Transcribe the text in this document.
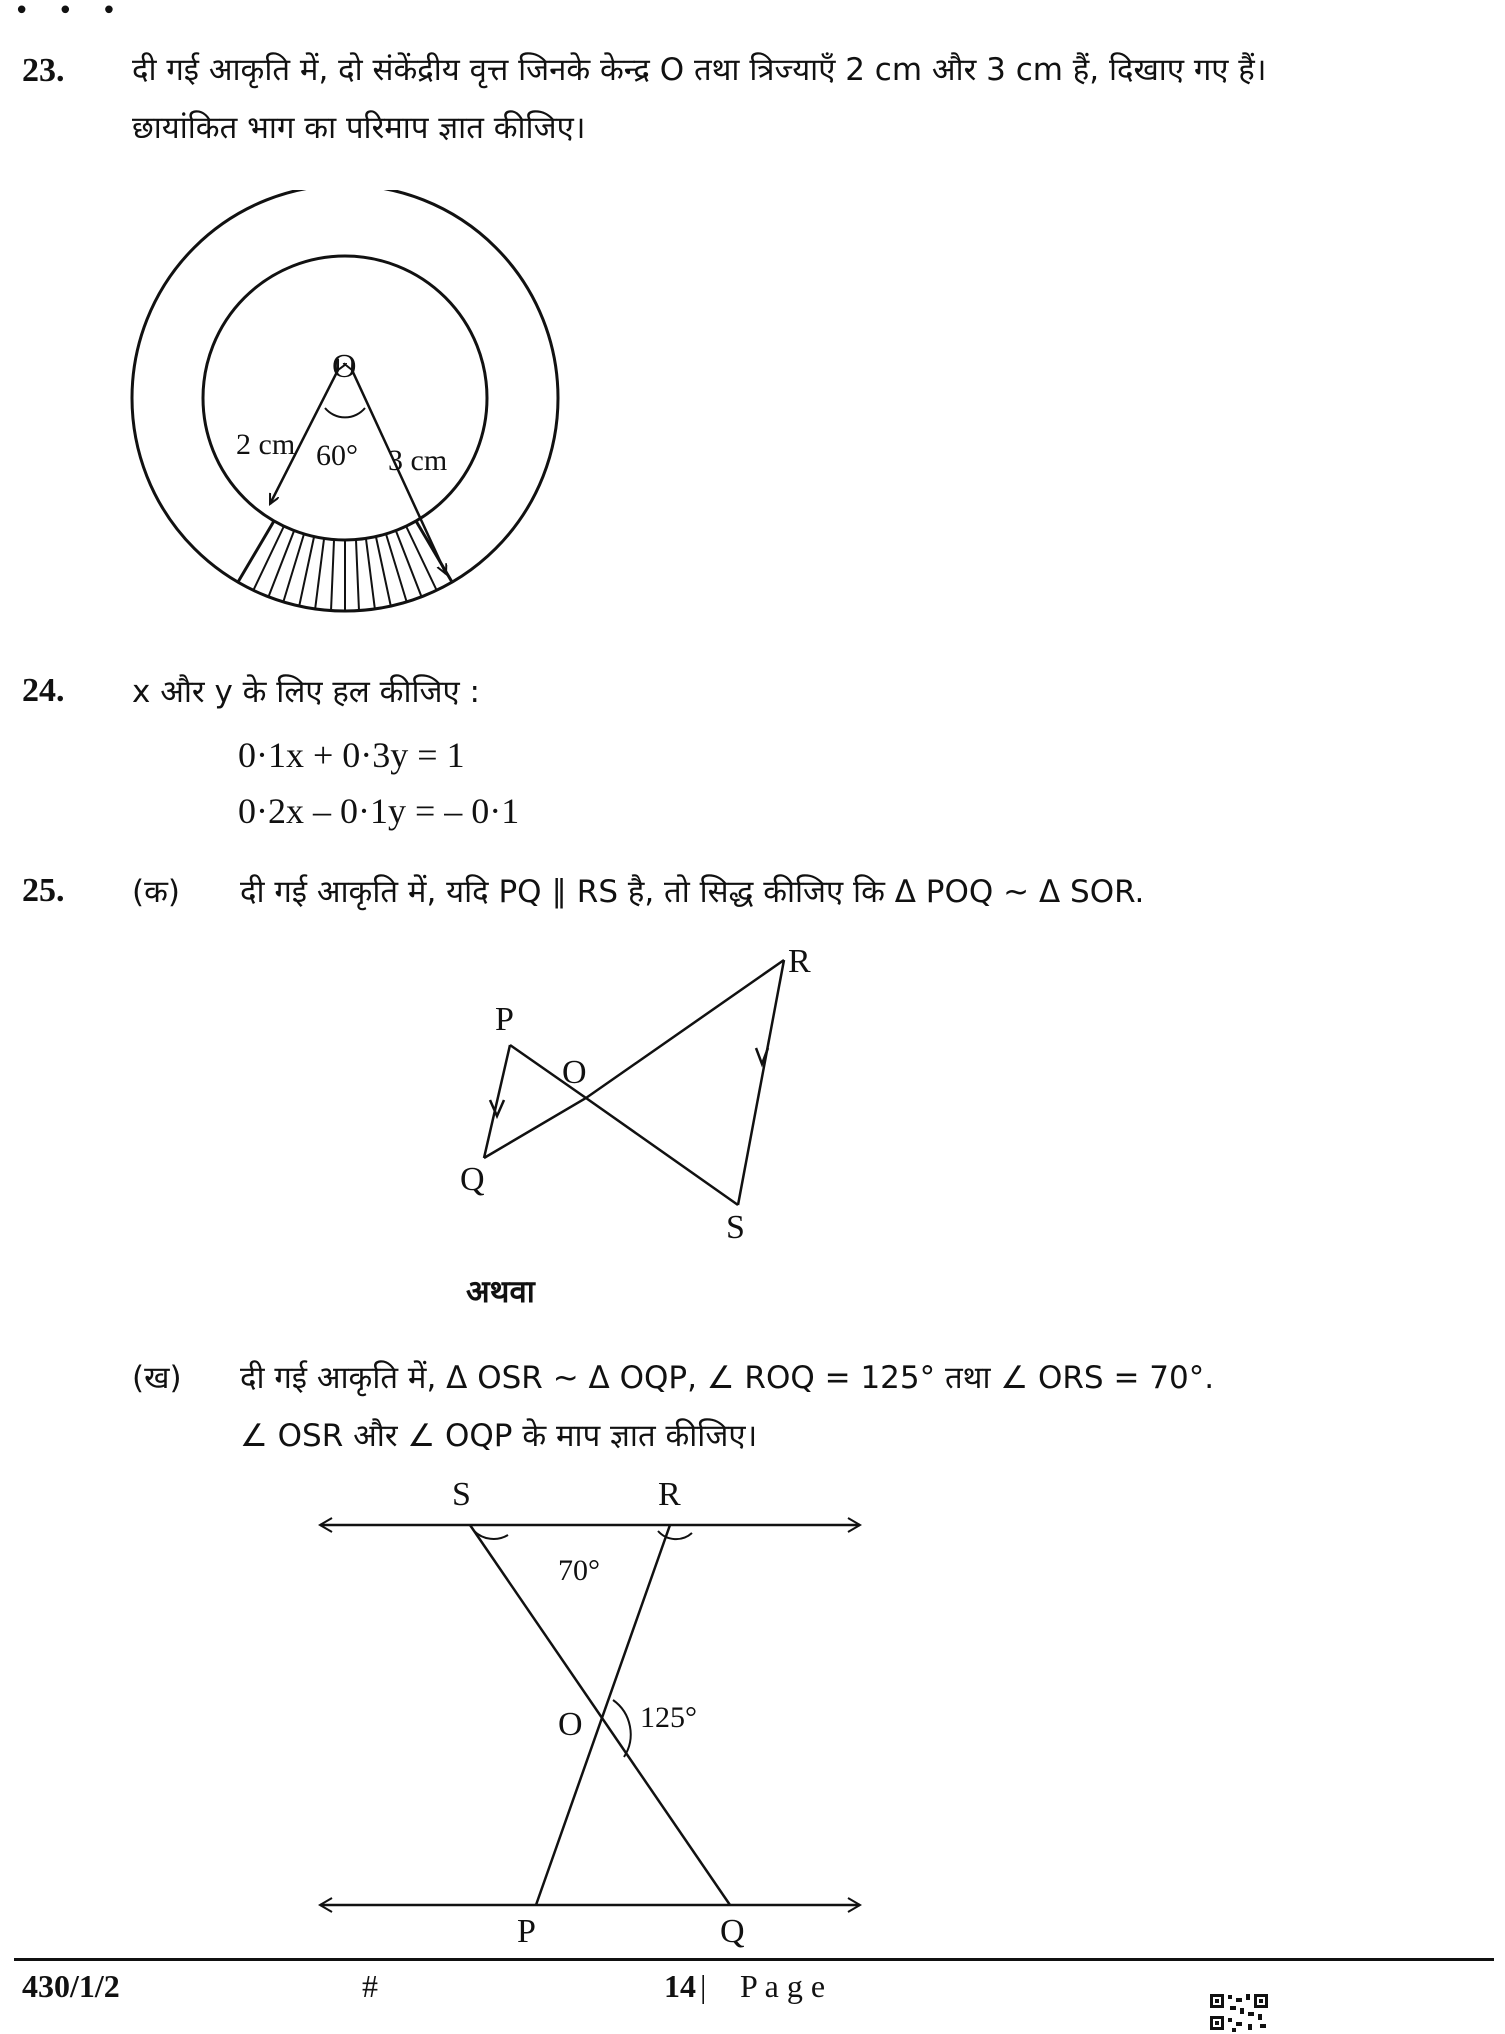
• • •
23. दी गई आकृति में, दो संकेंद्रीय वृत्त जिनके केन्द्र O तथा त्रिज्याएँ 2 cm और 3 cm हैं, दिखाए गए हैं।
छायांकित भाग का परिमाप ज्ञात कीजिए।
O
2 cm 60° 3 cm
24. x और y के लिए हल कीजिए :
0·1x + 0·3y = 1
0·2x – 0·1y = – 0·1
25. (क) दी गई आकृति में, यदि PQ ∥ RS है, तो सिद्ध कीजिए कि Δ POQ ~ Δ SOR.
P
Q
R
S
O
अथवा
(ख) दी गई आकृति में, Δ OSR ~ Δ OQP, ∠ ROQ = 125° तथा ∠ ORS = 70°.
∠ OSR और ∠ OQP के माप ज्ञात कीजिए।
S	R
70°
O 125°
P	Q
430/1/2	#	14 | P a g e
